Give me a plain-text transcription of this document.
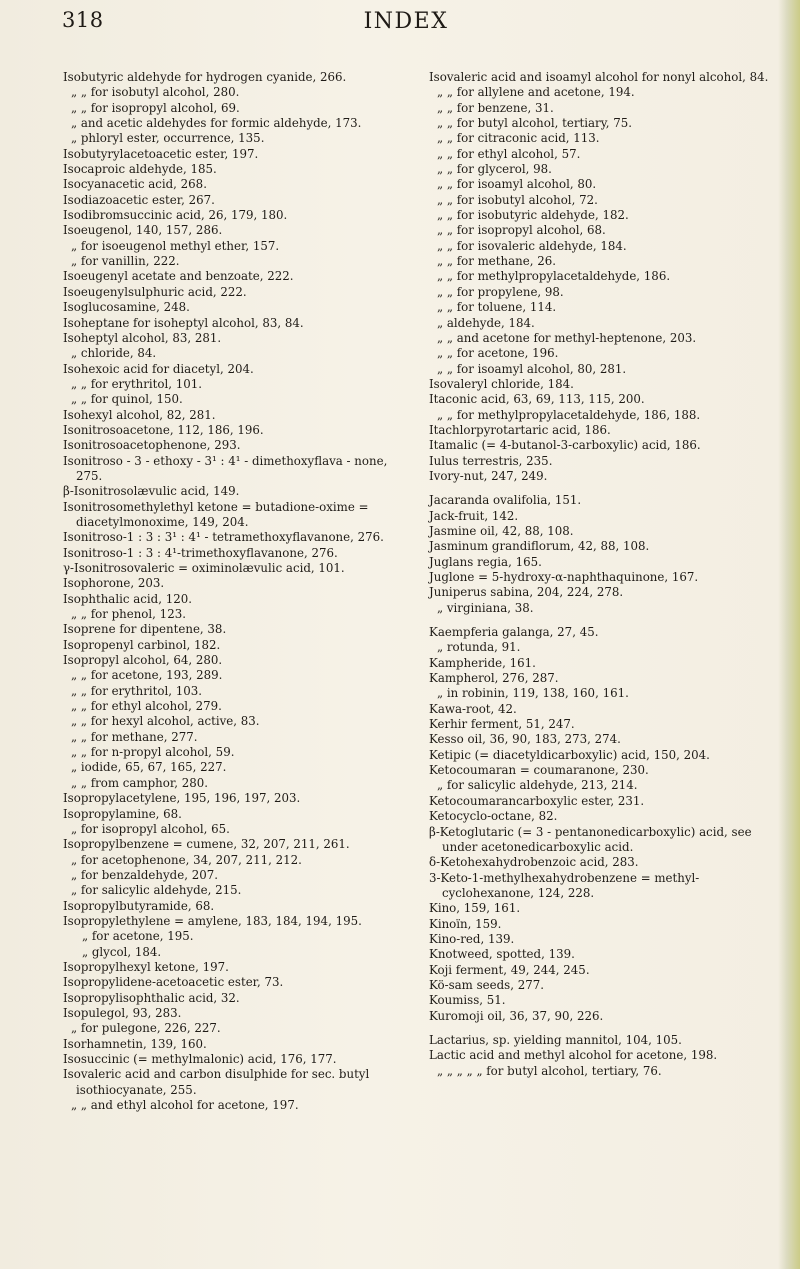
318	INDEX
Isobutyric aldehyde for hydrogen cyanide, 266.
„ „ for isobutyl alcohol, 280.
„ „ for isopropyl alcohol, 69.
„ and acetic aldehydes for formic aldehyde, 173.
„ phloryl ester, occurrence, 135.
Isobutyrylacetoacetic ester, 197.
Isocaproic aldehyde, 185.
Isocyanacetic acid, 268.
Isodiazoacetic ester, 267.
Isodibromsuccinic acid, 26, 179, 180.
Isoeugenol, 140, 157, 286.
„ for isoeugenol methyl ether, 157.
„ for vanillin, 222.
Isoeugenyl acetate and benzoate, 222.
Isoeugenylsulphuric acid, 222.
Isoglucosamine, 248.
Isoheptane for isoheptyl alcohol, 83, 84.
Isoheptyl alcohol, 83, 281.
„ chloride, 84.
Isohexoic acid for diacetyl, 204.
„ „ for erythritol, 101.
„ „ for quinol, 150.
Isohexyl alcohol, 82, 281.
Isonitrosoacetone, 112, 186, 196.
Isonitrosoacetophenone, 293.
Isonitroso - 3 - ethoxy - 3¹ : 4¹ - dimethoxyflava - none, 275.
β-Isonitrosolævulic acid, 149.
Isonitrosomethylethyl ketone = butadione-oxime = diacetylmonoxime, 149, 204.
Isonitroso-1 : 3 : 3¹ : 4¹ - tetramethoxyflavanone, 276.
Isonitroso-1 : 3 : 4¹-trimethoxyflavanone, 276.
γ-Isonitrosovaleric = oximinolævulic acid, 101.
Isophorone, 203.
Isophthalic acid, 120.
„ „ for phenol, 123.
Isoprene for dipentene, 38.
Isopropenyl carbinol, 182.
Isopropyl alcohol, 64, 280.
„ „ for acetone, 193, 289.
„ „ for erythritol, 103.
„ „ for ethyl alcohol, 279.
„ „ for hexyl alcohol, active, 83.
„ „ for methane, 277.
„ „ for n-propyl alcohol, 59.
„ iodide, 65, 67, 165, 227.
„ „ from camphor, 280.
Isopropylacetylene, 195, 196, 197, 203.
Isopropylamine, 68.
„ for isopropyl alcohol, 65.
Isopropylbenzene = cumene, 32, 207, 211, 261.
„ for acetophenone, 34, 207, 211, 212.
„ for benzaldehyde, 207.
„ for salicylic aldehyde, 215.
Isopropylbutyramide, 68.
Isopropylethylene = amylene, 183, 184, 194, 195.
„ for acetone, 195.
„ glycol, 184.
Isopropylhexyl ketone, 197.
Isopropylidene-acetoacetic ester, 73.
Isopropylisophthalic acid, 32.
Isopulegol, 93, 283.
„ for pulegone, 226, 227.
Isorhamnetin, 139, 160.
Isosuccinic (= methylmalonic) acid, 176, 177.
Isovaleric acid and carbon disulphide for sec. butyl isothiocyanate, 255.
„ „ and ethyl alcohol for acetone, 197.
Isovaleric acid and isoamyl alcohol for nonyl alcohol, 84.
„ „ for allylene and acetone, 194.
„ „ for benzene, 31.
„ „ for butyl alcohol, tertiary, 75.
„ „ for citraconic acid, 113.
„ „ for ethyl alcohol, 57.
„ „ for glycerol, 98.
„ „ for isoamyl alcohol, 80.
„ „ for isobutyl alcohol, 72.
„ „ for isobutyric aldehyde, 182.
„ „ for isopropyl alcohol, 68.
„ „ for isovaleric aldehyde, 184.
„ „ for methane, 26.
„ „ for methylpropylacetaldehyde, 186.
„ „ for propylene, 98.
„ „ for toluene, 114.
„ aldehyde, 184.
„ „ and acetone for methyl-heptenone, 203.
„ „ for acetone, 196.
„ „ for isoamyl alcohol, 80, 281.
Isovaleryl chloride, 184.
Itaconic acid, 63, 69, 113, 115, 200.
„ „ for methylpropylacetaldehyde, 186, 188.
Itachlorpyrotartaric acid, 186.
Itamalic (= 4-butanol-3-carboxylic) acid, 186.
Iulus terrestris, 235.
Ivory-nut, 247, 249.
Jacaranda ovalifolia, 151.
Jack-fruit, 142.
Jasmine oil, 42, 88, 108.
Jasminum grandiflorum, 42, 88, 108.
Juglans regia, 165.
Juglone = 5-hydroxy-α-naphthaquinone, 167.
Juniperus sabina, 204, 224, 278.
„ virginiana, 38.
Kaempferia galanga, 27, 45.
„ rotunda, 91.
Kampheride, 161.
Kampherol, 276, 287.
„ in robinin, 119, 138, 160, 161.
Kawa-root, 42.
Kerhir ferment, 51, 247.
Kesso oil, 36, 90, 183, 273, 274.
Ketipic (= diacetyldicarboxylic) acid, 150, 204.
Ketocoumaran = coumaranone, 230.
„ for salicylic aldehyde, 213, 214.
Ketocoumarancarboxylic ester, 231.
Ketocyclo-octane, 82.
β-Ketoglutaric (= 3 - pentanonedicarboxylic) acid, see under acetonedicarboxylic acid.
δ-Ketohexahydrobenzoic acid, 283.
3-Keto-1-methylhexahydrobenzene = methyl-cyclohexanone, 124, 228.
Kino, 159, 161.
Kinoïn, 159.
Kino-red, 139.
Knotweed, spotted, 139.
Koji ferment, 49, 244, 245.
Kö-sam seeds, 277.
Koumiss, 51.
Kuromoji oil, 36, 37, 90, 226.
Lactarius, sp. yielding mannitol, 104, 105.
Lactic acid and methyl alcohol for acetone, 198.
„ „ „ „ „ for butyl alcohol, tertiary, 76.
